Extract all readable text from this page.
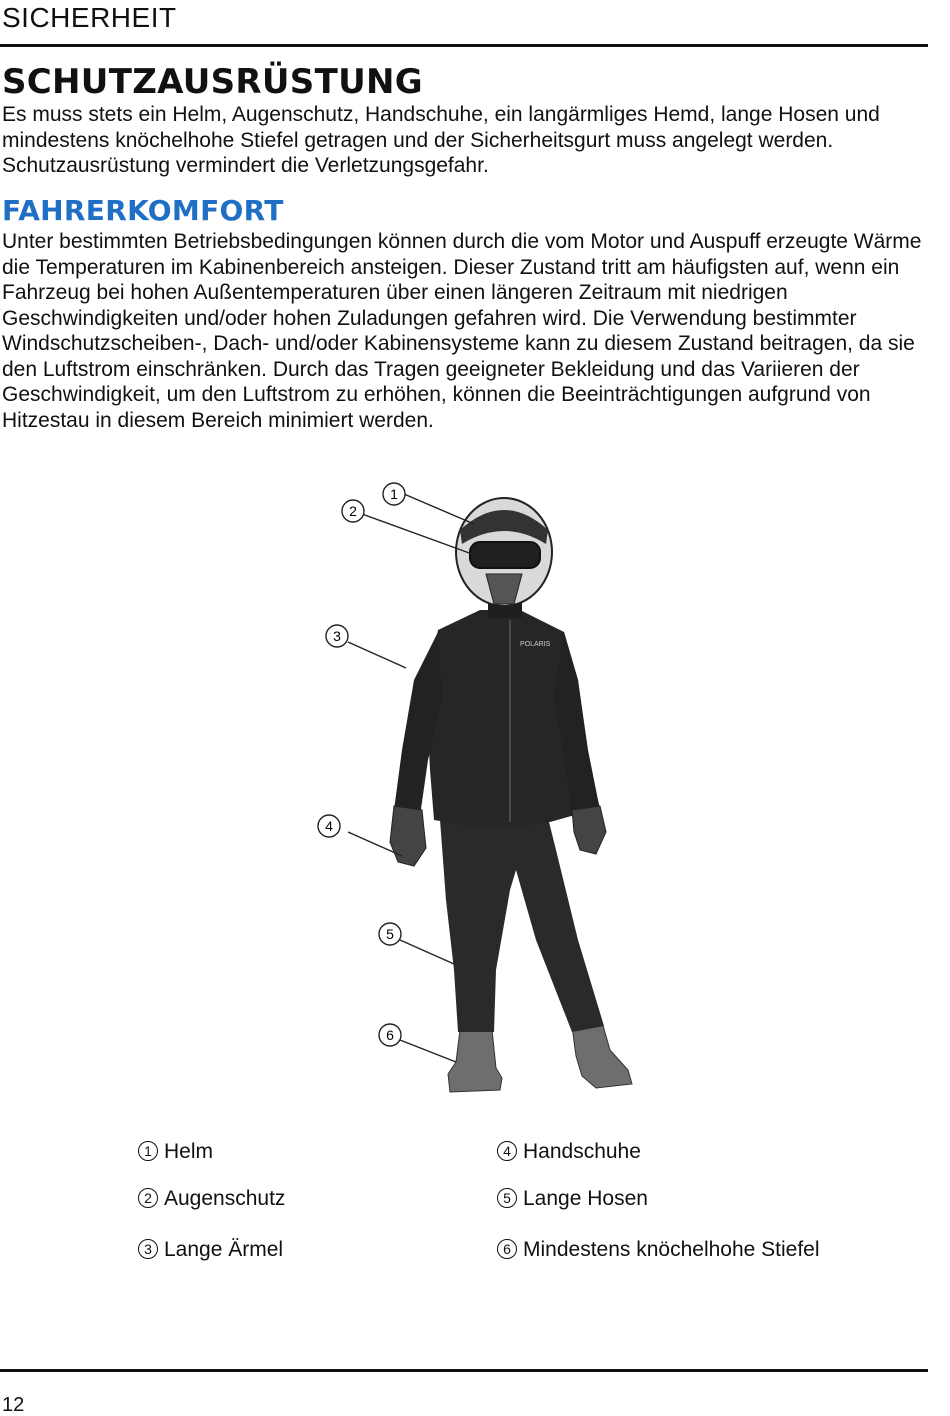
SICHERHEIT
SCHUTZAUSRÜSTUNG
Es muss stets ein Helm, Augenschutz, Handschuhe, ein langärmliges Hemd, lange Hosen und mindestens knöchelhohe Stiefel getragen und der Sicherheitsgurt muss angelegt werden. Schutzausrüstung vermindert die Verletzungsgefahr.
FAHRERKOMFORT
Unter bestimmten Betriebsbedingungen können durch die vom Motor und Auspuff erzeugte Wärme die Temperaturen im Kabinenbereich ansteigen. Dieser Zustand tritt am häufigsten auf, wenn ein Fahrzeug bei hohen Außentemperaturen über einen längeren Zeitraum mit niedrigen Geschwindigkeiten und/oder hohen Zuladungen gefahren wird. Die Verwendung bestimmter Windschutzscheiben-, Dach- und/oder Kabinensysteme kann zu diesem Zustand beitragen, da sie den Luftstrom einschränken. Durch das Tragen geeigneter Bekleidung und das Variieren der Geschwindigkeit, um den Luftstrom zu erhöhen, können die Beeinträchtigungen aufgrund von Hitzestau in diesem Bereich minimiert werden.
POLARIS
1
2
3
4
5
6
1 Helm
2 Augenschutz
3 Lange Ärmel
4 Handschuhe
5 Lange Hosen
6 Mindestens knöchelhohe Stiefel
12
